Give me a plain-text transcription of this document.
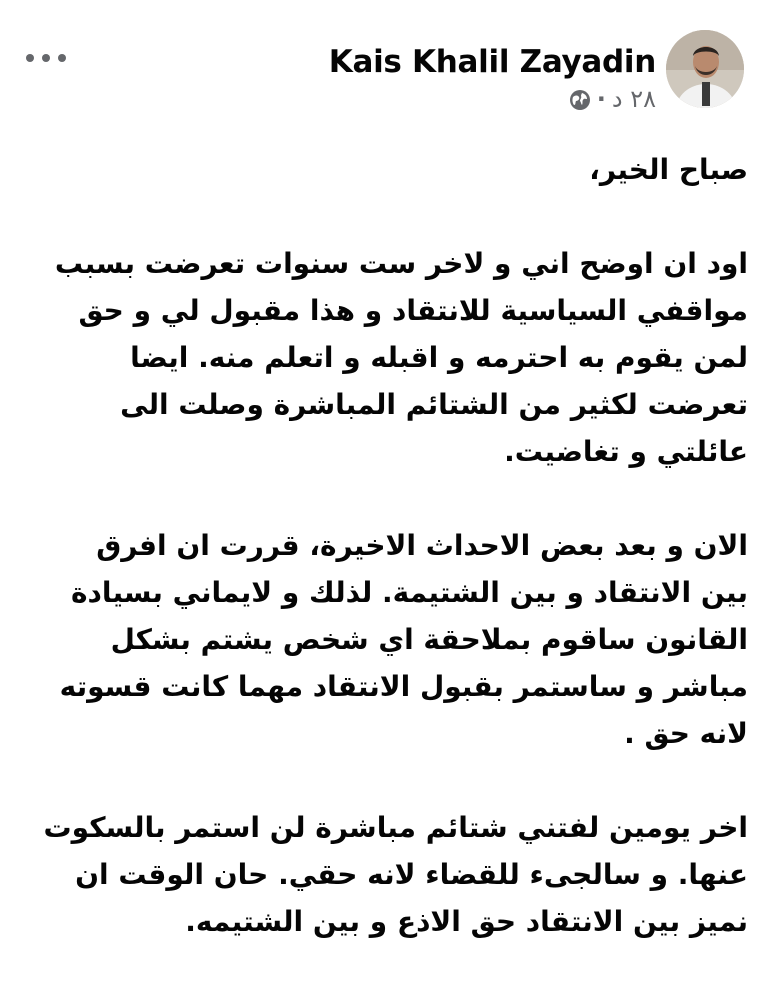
Kais Khalil Zayadin
٢٨ د
·

صباح الخير،

اود ان اوضح اني و لاخر ست سنوات تعرضت بسبب

مواقفي السياسية للانتقاد و هذا مقبول لي و حق

لمن يقوم به احترمه و اقبله و اتعلم منه. ايضا

تعرضت لكثير من الشتائم المباشرة وصلت الى

عائلتي و تغاضيت.

الان و بعد بعض الاحداث الاخيرة، قررت ان افرق

بين الانتقاد و بين الشتيمة. لذلك و لايماني بسيادة

القانون ساقوم بملاحقة اي شخص يشتم بشكل

مباشر و ساستمر بقبول الانتقاد مهما كانت قسوته

لانه حق .

اخر يومين لفتني شتائم مباشرة لن استمر بالسكوت

عنها. و سالجىء للقضاء لانه حقي. حان الوقت ان

نميز بين الانتقاد حق الاذع و بين الشتيمه.
